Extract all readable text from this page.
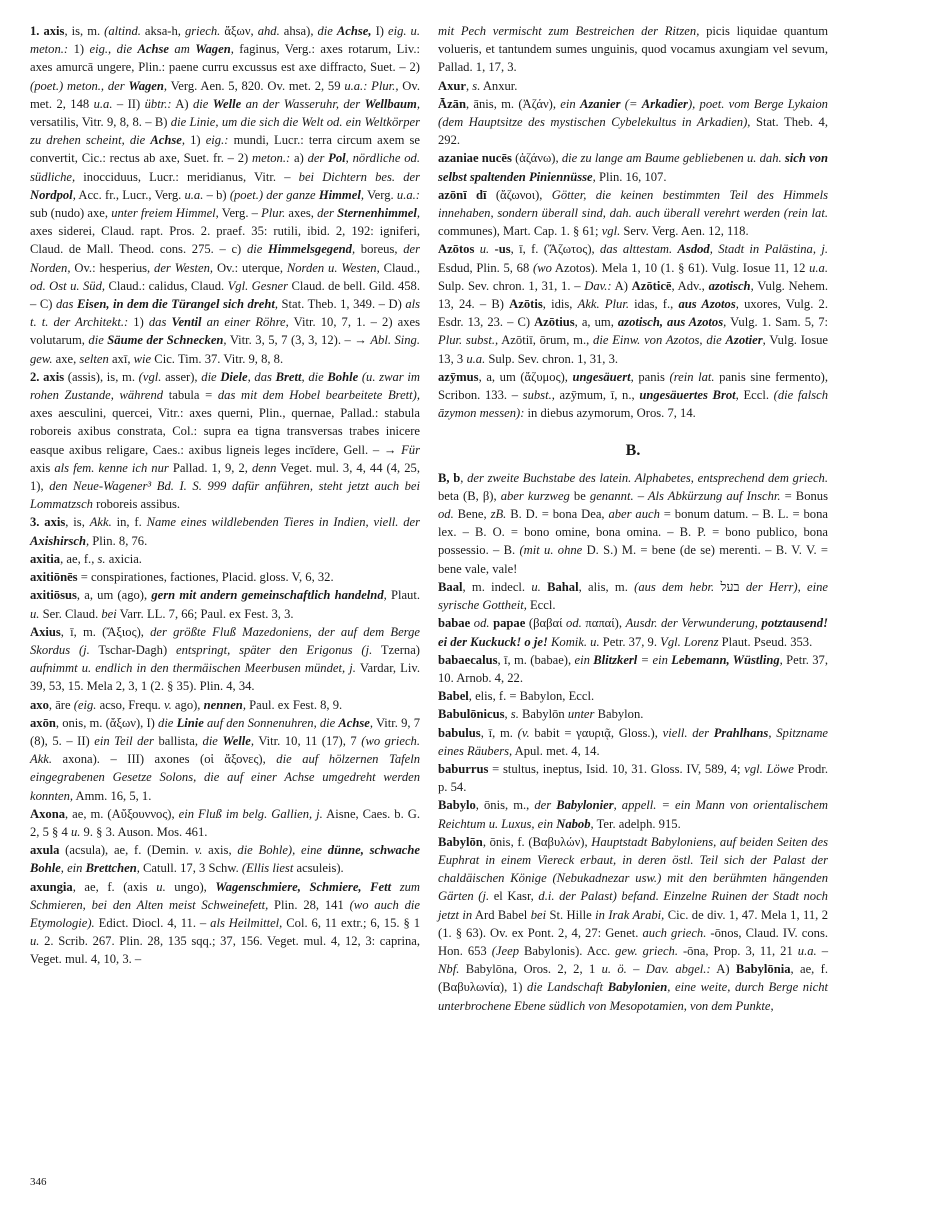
1. axis, is, m. (altind. aksa-h, griech. ἄξων, ahd. ahsa), die Achse, I) eig. u. meton.: 1) eig., die Achse am Wagen, faginus, Verg.: axes rotarum, Liv.: axes amurcā ungere, Plin.: paene curru excussus est axe diffracto, Suet. – 2) (poet.) meton., der Wagen, Verg. Aen. 5, 820. Ov. met. 2, 59 u.a.: Plur., Ov. met. 2, 148 u.a. – II) übtr.: A) die Welle an der Wasseruhr, der Wellbaum, versatilis, Vitr. 9, 8, 8. – B) die Linie, um die sich die Welt od. ein Weltkörper zu drehen scheint, die Achse, 1) eig.: mundi, Lucr.: terra circum axem se convertit, Cic.: rectus ab axe, Suet. fr. – 2) meton.: a) der Pol, nördliche od. südliche, inocciduus, Lucr.: meridianus, Vitr. – bei Dichtern bes. der Nordpol, Acc. fr., Lucr., Verg. u.a. – b) (poet.) der ganze Himmel, Verg. u.a.: sub (nudo) axe, unter freiem Himmel, Verg. – Plur. axes, der Sternenhimmel, axes siderei, Claud. rapt. Pros. 2. praef. 35: rutili, ibid. 2, 192: igniferi, Claud. de Mall. Theod. cons. 275. – c) die Himmelsgegend, boreus, der Norden, Ov.: hesperius, der Westen, Ov.: uterque, Norden u. Westen, Claud., od. Ost u. Süd, Claud.: calidus, Claud. Vgl. Gesner Claud. de bell. Gild. 458. – C) das Eisen, in dem die Türangel sich dreht, Stat. Theb. 1, 349. – D) als t. t. der Architekt.: 1) das Ventil an einer Röhre, Vitr. 10, 7, 1. – 2) axes volutarum, die Säume der Schnecken, Vitr. 3, 5, 7 (3, 3, 12). – → Abl. Sing. gew. axe, selten axī, wie Cic. Tim. 37. Vitr. 9, 8, 8.

2. axis (assis), is, m. (vgl. asser), die Diele, das Brett, die Bohle (u. zwar im rohen Zustande, während tabula = das mit dem Hobel bearbeitete Brett), axes aesculini, quercei, Vitr.: axes querni, Plin., quernae, Pallad.: stabula roboreis axibus constrata, Col.: supra ea tigna transversas trabes inicere easque axibus religare, Caes.: axibus ligneis leges incīdere, Gell. – → Für axis als fem. kenne ich nur Pallad. 1, 9, 2, denn Veget. mul. 3, 4, 44 (4, 25, 1), den Neue-Wagener³ Bd. I. S. 999 dafür anführen, steht jetzt auch bei Lommatzsch roboreis assibus.

3. axis, is, Akk. in, f. Name eines wildlebenden Tieres in Indien, viell. der Axishirsch, Plin. 8, 76.

axitia, ae, f., s. axicia.

axitiōnēs = conspirationes, factiones, Placid. gloss. V, 6, 32.

axitiōsus, a, um (ago), gern mit andern gemeinschaftlich handelnd, Plaut. u. Ser. Claud. bei Varr. LL. 7, 66; Paul. ex Fest. 3, 3.

Axius, ī, m. (Ἄξιος), der größte Fluß Mazedoniens, der auf dem Berge Skordus (j. Tschar-Dagh) entspringt, später den Erigonus (j. Tzerna) aufnimmt u. endlich in den thermäischen Meerbusen mündet, j. Vardar, Liv. 39, 53, 15. Mela 2, 3, 1 (2. § 35). Plin. 4, 34.

axo, āre (eig. acso, Frequ. v. ago), nennen, Paul. ex Fest. 8, 9.

axōn, onis, m. (ἄξων), I) die Linie auf den Sonnenuhren, die Achse, Vitr. 9, 7 (8), 5. – II) ein Teil der ballista, die Welle, Vitr. 10, 11 (17), 7 (wo griech. Akk. axona). – III) axones (οἱ ἄξονες), die auf hölzernen Tafeln eingegrabenen Gesetze Solons, die auf einer Achse umgedreht werden konnten, Amm. 16, 5, 1.

Axona, ae, m. (Αὔξουννος), ein Fluß im belg. Gallien, j. Aisne, Caes. b. G. 2, 5 § 4 u. 9. § 3. Auson. Mos. 461.

axula (acsula), ae, f. (Demin. v. axis, die Bohle), eine dünne, schwache Bohle, ein Brettchen, Catull. 17, 3 Schw. (Ellis liest acsuleis).

axungia, ae, f. (axis u. ungo), Wagenschmiere, Schmiere, Fett zum Schmieren, bei den Alten meist Schweinefett, Plin. 28, 141 (wo auch die Etymologie). Edict. Diocl. 4, 11. – als Heilmittel, Col. 6, 11 extr.; 6, 15. § 1 u. 2. Scrib. 267. Plin. 28, 135 sqq.; 37, 156. Veget. mul. 4, 12, 3: caprina, Veget. mul. 4, 10, 3. –

mit Pech vermischt zum Bestreichen der Ritzen, picis liquidae quantum volueris, et tantundem sumes unguinis, quod vocamus axungiam vel sevum, Pallad. 1, 17, 3.

Axur, s. Anxur.

Āzān, ānis, m. (Ἀζάν), ein Azanier (= Arkadier), poet. vom Berge Lykaion (dem Hauptsitze des mystischen Cybelekultus in Arkadien), Stat. Theb. 4, 292.

azaniae nucēs (ἀζάνω), die zu lange am Baume gebliebenen u. dah. sich von selbst spaltenden Piniennüsse, Plin. 16, 107.

azōnī dī (ἄζωνοι), Götter, die keinen bestimmten Teil des Himmels innehaben, sondern überall sind, dah. auch überall verehrt werden (rein lat. communes), Mart. Cap. 1. § 61; vgl. Serv. Verg. Aen. 12, 118.

Azōtos u. -us, ī, f. (Ἄζωτος), das alttestam. Asdod, Stadt in Palästina, j. Esdud, Plin. 5, 68 (wo Azotos). Mela 1, 10 (1. § 61). Vulg. Iosue 11, 12 u.a. Sulp. Sev. chron. 1, 31, 1. – Dav.: A) Azōticē, Adv., azotisch, Vulg. Nehem. 13, 24. – B) Azōtis, idis, Akk. Plur. idas, f., aus Azotos, uxores, Vulg. 2. Esdr. 13, 23. – C) Azōtius, a, um, azotisch, aus Azotos, Vulg. 1. Sam. 5, 7: Plur. subst., Azōtiī, ōrum, m., die Einw. von Azotos, die Azotier, Vulg. Iosue 13, 3 u.a. Sulp. Sev. chron. 1, 31, 3.

azȳmus, a, um (ἄζυμος), ungesäuert, panis (rein lat. panis sine fermento), Scribon. 133. – subst., azȳmum, ī, n., ungesäuertes Brot, Eccl. (die falsch āzymon messen): in diebus azymorum, Oros. 7, 14.

B.

B, b, der zweite Buchstabe des latein. Alphabetes, entsprechend dem griech. beta (Β, β), aber kurzweg be genannt. – Als Abkürzung auf Inschr. = Bonus od. Bene, zB. B. D. = bona Dea, aber auch = bonum datum. – B. L. = bona lex. – B. O. = bono omine, bona omina. – B. P. = bono publico, bona possessio. – B. (mit u. ohne D. S.) M. = bene (de se) merenti. – B. V. V. = bene vale, vale!

Baal, m. indecl. u. Bahal, alis, m. (aus dem hebr. בעל der Herr), eine syrische Gottheit, Eccl.

babae od. papae (βαβαί od. παπαί), Ausdr. der Verwunderung, potztausend! ei der Kuckuck! o je! Komik. u. Petr. 37, 9. Vgl. Lorenz Plaut. Pseud. 353.

babaecalus, ī, m. (babae), ein Blitzkerl = ein Lebemann, Wüstling, Petr. 37, 10. Arnob. 4, 22.

Babel, elis, f. = Babylon, Eccl.

Babulōnicus, s. Babylōn unter Babylon.

babulus, ī, m. (v. babit = γαυριᾷ, Gloss.), viell. der Prahlhans, Spitzname eines Räubers, Apul. met. 4, 14.

baburrus = stultus, ineptus, Isid. 10, 31. Gloss. IV, 589, 4; vgl. Löwe Prodr. p. 54.

Babylo, ōnis, m., der Babylonier, appell. = ein Mann von orientalischem Reichtum u. Luxus, ein Nabob, Ter. adelph. 915.

Babylōn, ōnis, f. (Βαβυλών), Hauptstadt Babyloniens, auf beiden Seiten des Euphrat in einem Viereck erbaut, in deren östl. Teil sich der Palast der chaldäischen Könige (Nebukadnezar usw.) mit den berühmten hängenden Gärten (j. el Kasr, d.i. der Palast) befand. Einzelne Ruinen der Stadt noch jetzt in Ard Babel bei St. Hille in Irak Arabi, Cic. de div. 1, 47. Mela 1, 11, 2 (1. § 63). Ov. ex Pont. 2, 4, 27: Genet. auch griech. -ōnos, Claud. IV. cons. Hon. 653 (Jeep Babylonis). Acc. gew. griech. -ōna, Prop. 3, 11, 21 u.a. – Nbf. Babylōna, Oros. 2, 2, 1 u. ö. – Dav. abgel.: A) Babylōnia, ae, f. (Βαβυλωνία), 1) die Landschaft Babylonien, eine weite, durch Berge nicht unterbrochene Ebene südlich von Mesopotamien, von dem Punkte,

346
